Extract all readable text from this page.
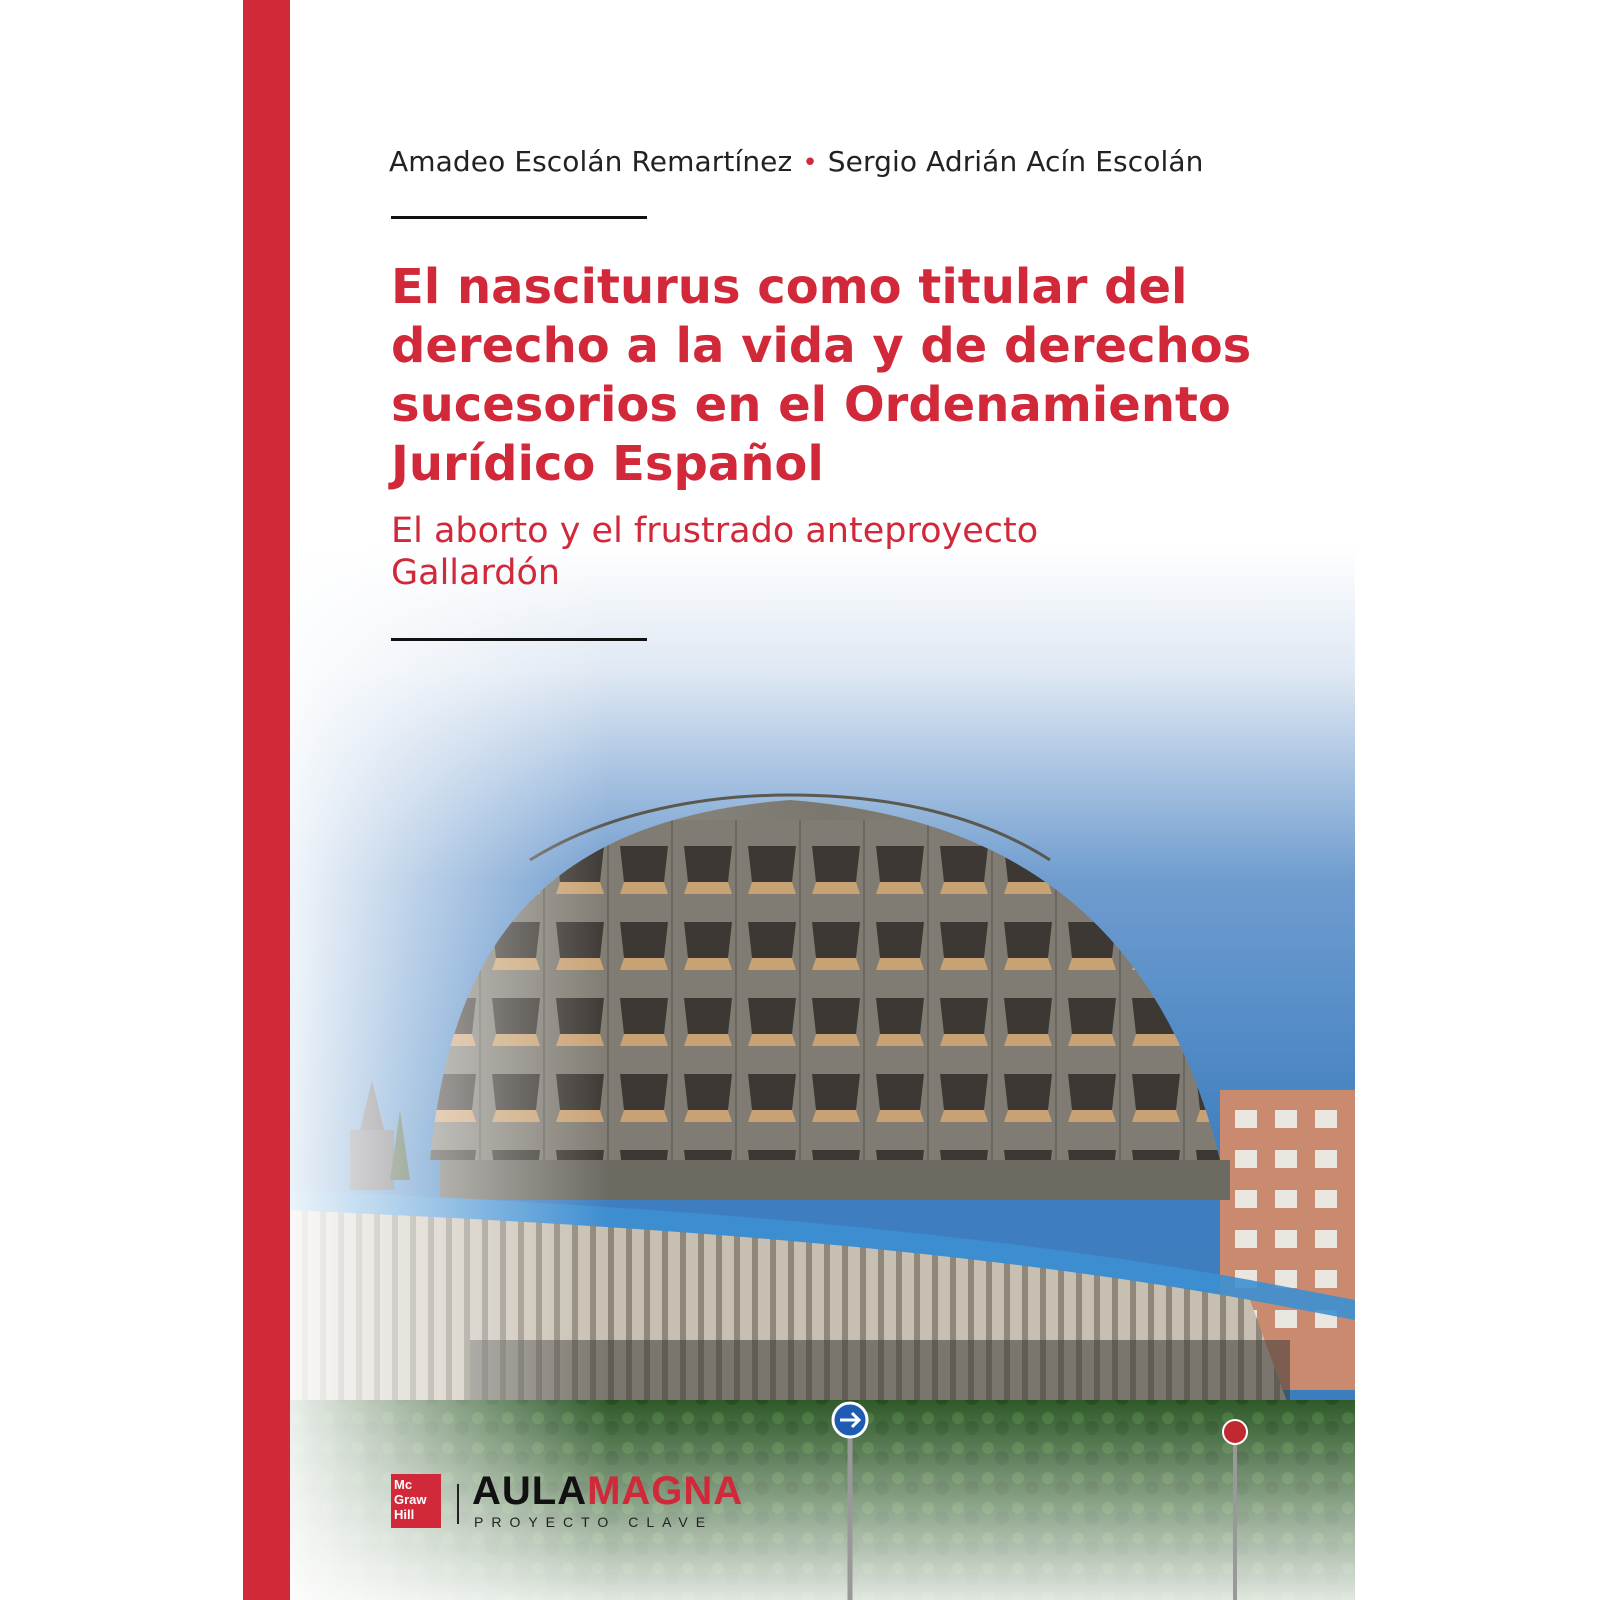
Amadeo Escolán Remartínez • Sergio Adrián Acín Escolán
El nasciturus como titular del
derecho a la vida y de derechos
sucesorios en el Ordenamiento
Jurídico Español

El aborto y el frustrado anteproyecto
Gallardón

Mc
Graw
Hill
AULAMAGNA
PROYECTO CLAVE
